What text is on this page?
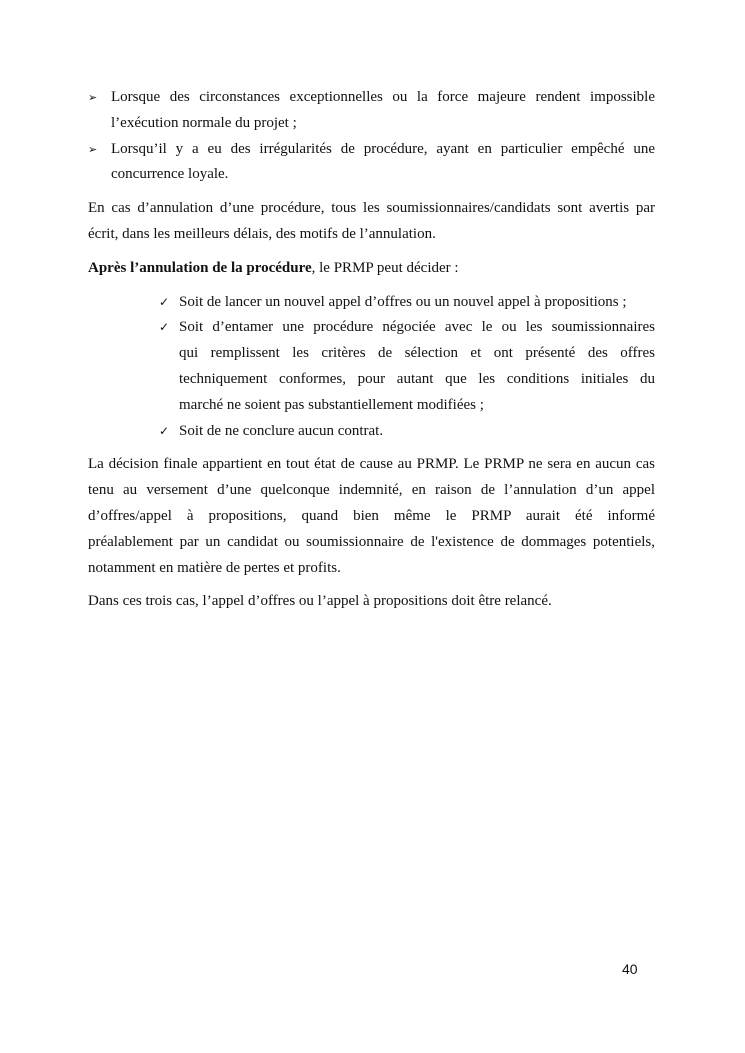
➢ Lorsque des circonstances exceptionnelles ou la force majeure rendent impossible
l’exécution normale du projet ;
➢ Lorsqu’il y a eu des irrégularités de procédure, ayant en particulier empêché une
concurrence loyale.
En cas d’annulation d’une procédure, tous les soumissionnaires/candidats sont avertis par
écrit, dans les meilleurs délais, des motifs de l’annulation.
Après l’annulation de la procédure, le PRMP peut décider :
✓ Soit de lancer un nouvel appel d’offres ou un nouvel appel à propositions ;
✓ Soit d’entamer une procédure négociée avec le ou les soumissionnaires
qui remplissent les critères de sélection et ont présenté des offres
techniquement conformes, pour autant que les conditions initiales du
marché ne soient pas substantiellement modifiées ;
✓ Soit de ne conclure aucun contrat.
La décision finale appartient en tout état de cause au PRMP. Le PRMP ne sera en aucun cas
tenu au versement d’une quelconque indemnité, en raison de l’annulation d’un appel
d’offres/appel à propositions, quand bien même le PRMP aurait été informé
préalablement par un candidat ou soumissionnaire de l'existence de dommages potentiels,
notamment en matière de pertes et profits.
Dans ces trois cas, l’appel d’offres ou l’appel à propositions doit être relancé.
40
